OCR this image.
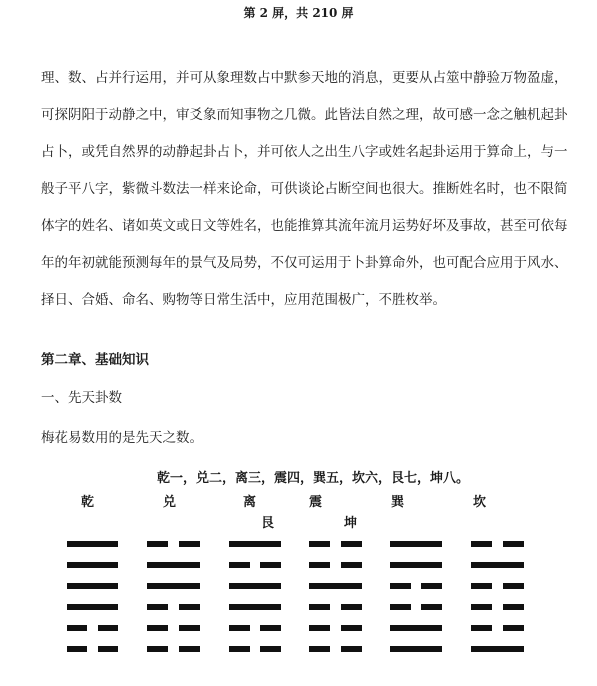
第 2 屏，共 210 屏
理、数、占并行运用，并可从象理数占中默参天地的消息，更要从占筮中静验万物盈虚，
可探阴阳于动静之中，审爻象而知事物之几微。此皆法自然之理，故可感一念之触机起卦
占卜，或凭自然界的动静起卦占卜，并可依人之出生八字或姓名起卦运用于算命上，与一
般子平八字，紫微斗数法一样来论命，可供谈论占断空间也很大。推断姓名时，也不限简
体字的姓名、诸如英文或日文等姓名，也能推算其流年流月运势好坏及事故，甚至可依每
年的年初就能预测每年的景气及局势，不仅可运用于卜卦算命外，也可配合应用于风水、
择日、合婚、命名、购物等日常生活中，应用范围极广，不胜枚举。
第二章、基础知识
一、先天卦数
梅花易数用的是先天之数。
乾一，兑二，离三，震四，巽五，坎六，艮七，坤八。
乾	兑	离	震	巽	坎
艮	坤
